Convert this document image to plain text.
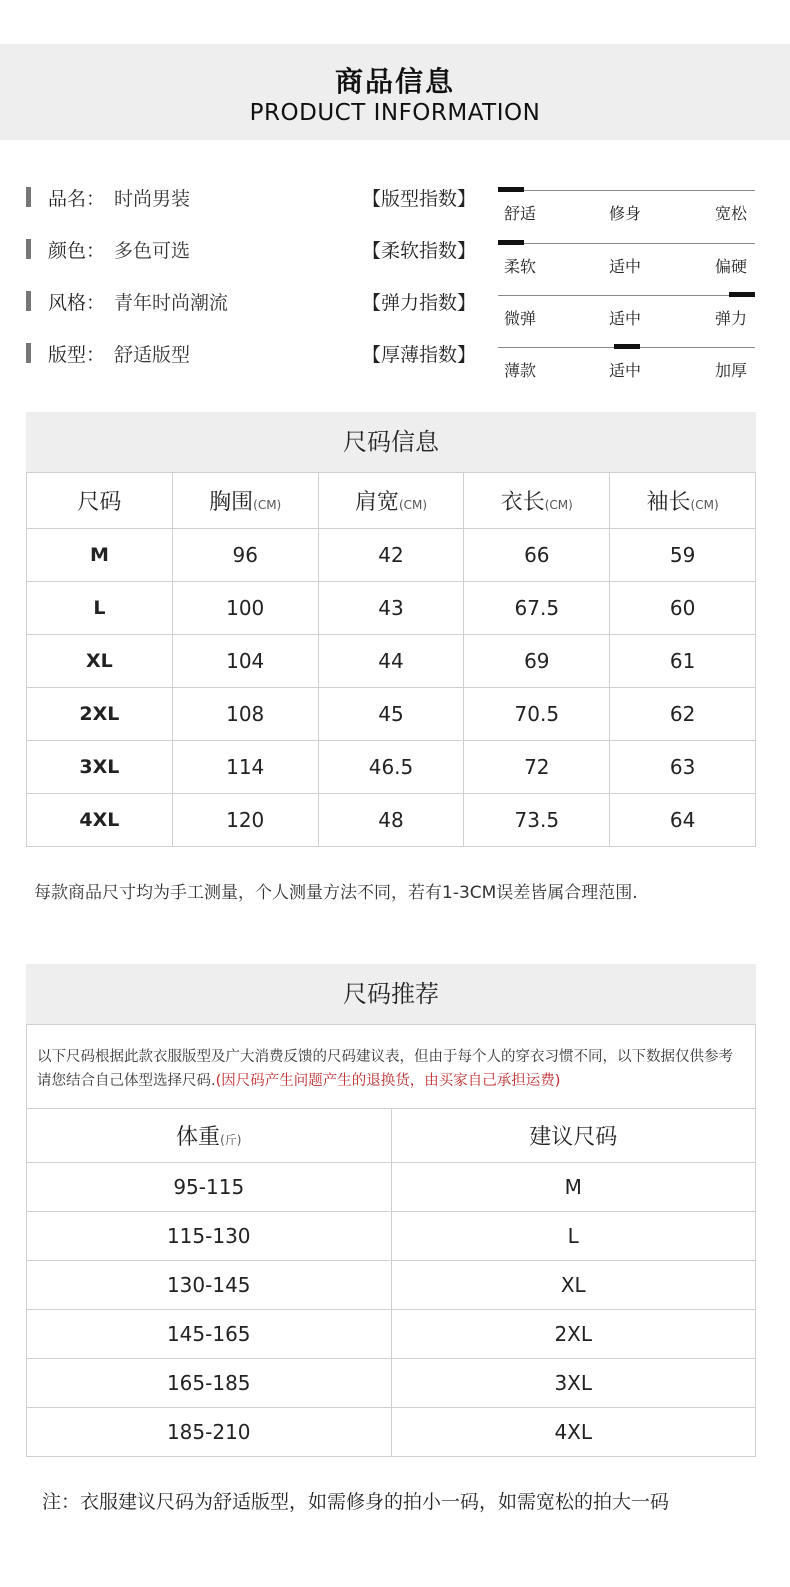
商品信息
PRODUCT INFORMATION
品名： 时尚男装	【版型指数】
舒适	修身	宽松
颜色： 多色可选	【柔软指数】
柔软	适中	偏硬
风格： 青年时尚潮流	【弹力指数】
微弹	适中	弹力
版型： 舒适版型	【厚薄指数】
薄款	适中	加厚
尺码信息
尺码	胸围(CM)	肩宽(CM)	衣长(CM)	袖长(CM)
M	96	42	66	59
L	100	43	67.5	60
XL	104	44	69	61
2XL	108	45	70.5	62
3XL	114	46.5	72	63
4XL	120	48	73.5	64
每款商品尺寸均为手工测量，个人测量方法不同，若有1-3CM误差皆属合理范围.
尺码推荐
以下尺码根据此款衣服版型及广大消费反馈的尺码建议表，但由于每个人的穿衣习惯不同，以下数据仅供参考请您结合自己体型选择尺码.(因尺码产生问题产生的退换货，由买家自己承担运费)
体重(斤)	建议尺码
95-115	M
115-130	L
130-145	XL
145-165	2XL
165-185	3XL
185-210	4XL
注：衣服建议尺码为舒适版型，如需修身的拍小一码，如需宽松的拍大一码
